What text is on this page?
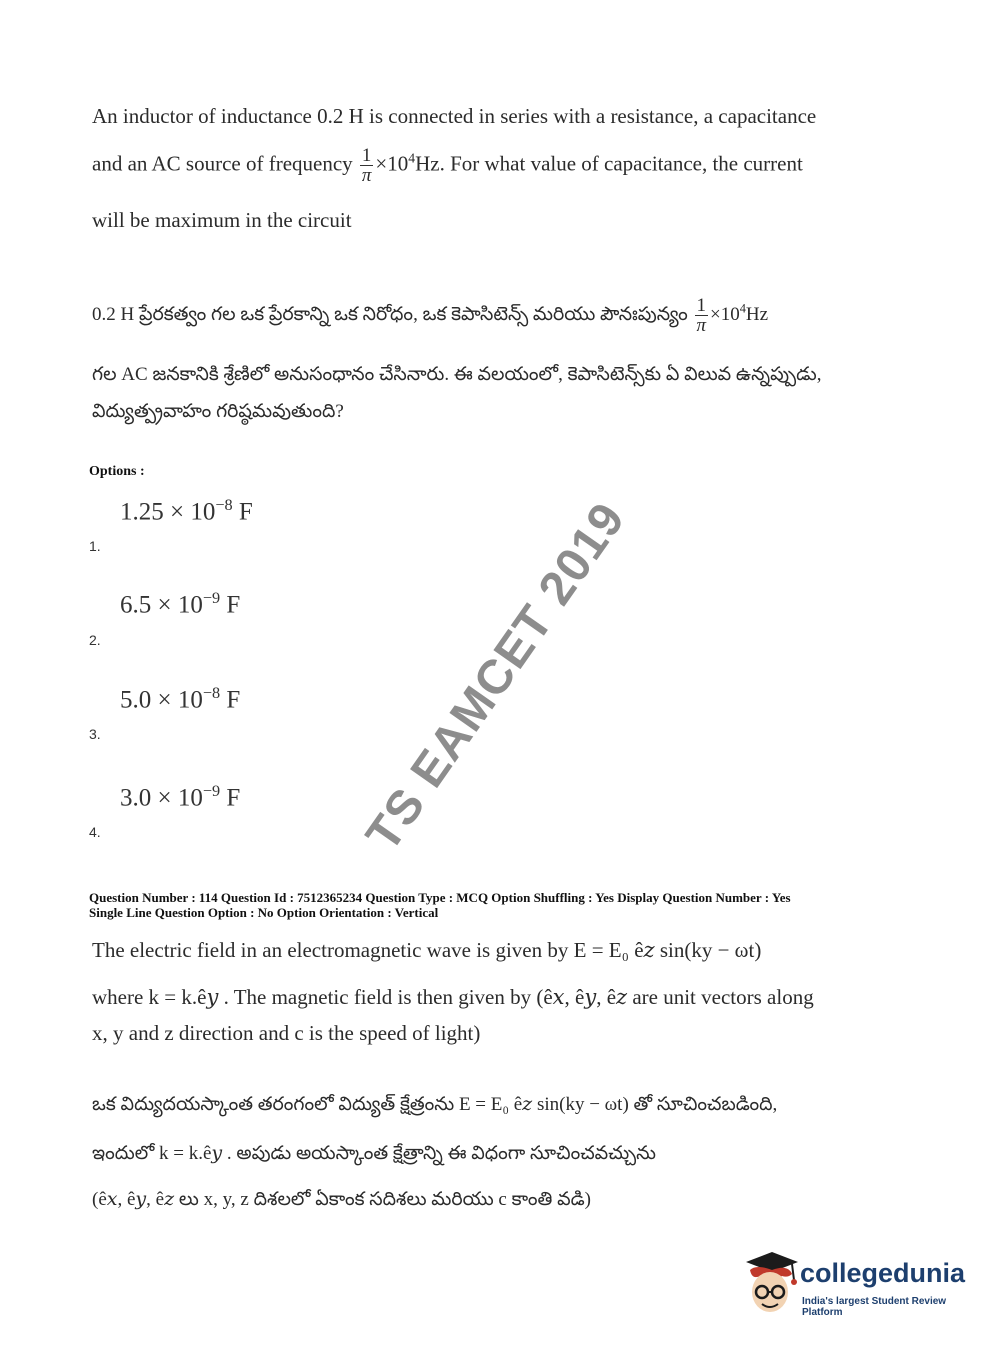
An inductor of inductance 0.2 H is connected in series with a resistance, a capacitance
and an AC source of frequency $\frac{1}{\pi} \times 10^4Hz$. For what value of capacitance, the current
will be maximum in the circuit
0.2 H ప్రేరకత్వం గల ఒక ప్రేరకాన్ని ఒక నిరోధం, ఒక కెపాసిటెన్స్ మరియు పౌనఃపున్యం $\frac{1}{\pi} \times 10^4Hz$
గల AC జనకానికి శ్రేణిలో అనుసంధానం చేసినారు. ఈ వలయంలో, కెపాసిటెన్స్‌కు ఏ విలువ ఉన్నప్పుడు,
విద్యుత్ప్రవాహం గరిష్ఠమవుతుంది?
Options :
$1.25 \times 10^{-8}$ F
1.
$6.5 \times 10^{-9}$ F
2.
$5.0 \times 10^{-8}$ F
3.
$3.0 \times 10^{-9}$ F
4.	TS EAMCET 2019
Question Number : 114 Question Id : 7512365234 Question Type : MCQ Option Shuffling : Yes Display Question Number : Yes
Single Line Question Option : No Option Orientation : Vertical
The electric field in an electromagnetic wave is given by E = E₀ ê𝑧 sin(ky − ωt)
where k = k.ê𝑦 . The magnetic field is then given by (ê𝑥, ê𝑦, ê𝑧 are unit vectors along
x, y and z direction and c is the speed of light)
ఒక విద్యుదయస్కాంత తరంగంలో విద్యుత్ క్షేత్రంను E = E₀ ê𝑧 sin(ky − ωt) తో సూచించబడింది,
ఇందులో k = k.ê𝑦 . అపుడు అయస్కాంత క్షేత్రాన్ని ఈ విధంగా సూచించవచ్చును
(ê𝑥, ê𝑦, ê𝑧 లు x, y, z దిశలలో ఏకాంక సదిశలు మరియు c కాంతి వడి)
collegedunia
India's largest Student Review Platform
